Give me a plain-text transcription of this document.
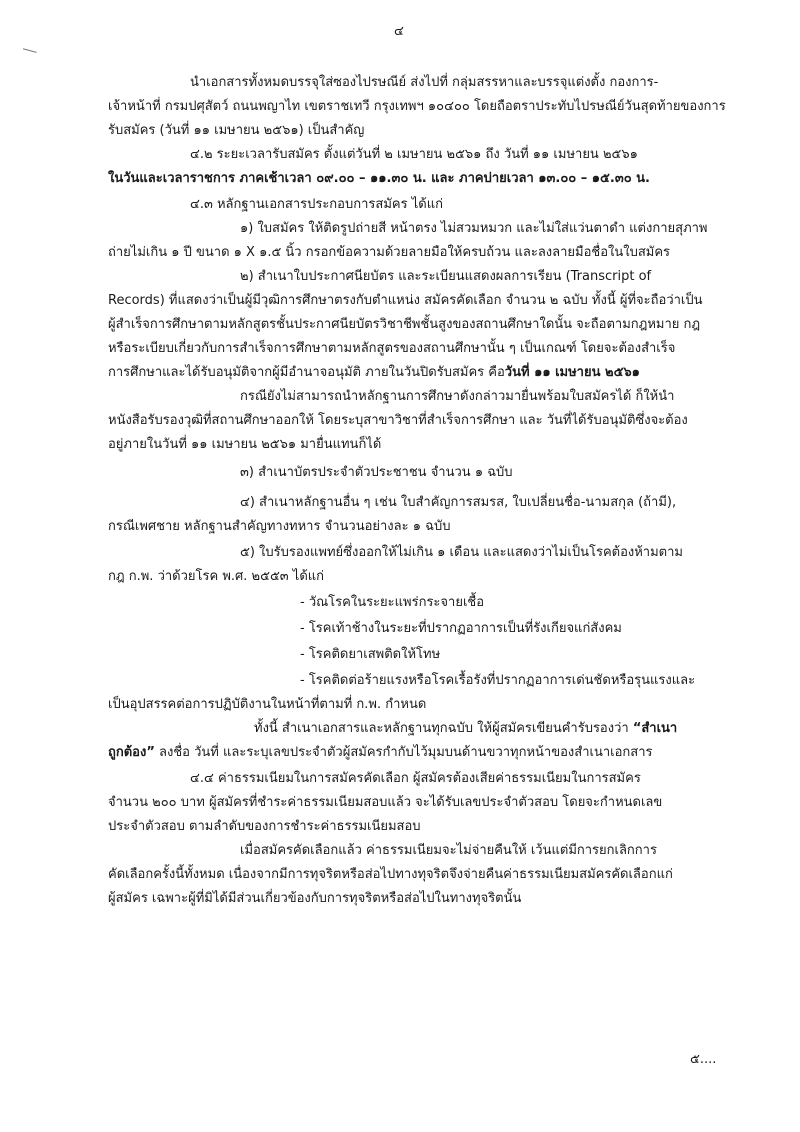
๔
นำเอกสารทั้งหมดบรรจุใส่ซองไปรษณีย์ ส่งไปที่ กลุ่มสรรหาและบรรจุแต่งตั้ง กองการ-
เจ้าหน้าที่ กรมปศุสัตว์ ถนนพญาไท เขตราชเทวี กรุงเทพฯ ๑๐๔๐๐ โดยถือตราประทับไปรษณีย์วันสุดท้ายของการ
รับสมัคร (วันที่ ๑๑ เมษายน ๒๕๖๑) เป็นสำคัญ
๔.๒ ระยะเวลารับสมัคร ตั้งแต่วันที่ ๒ เมษายน ๒๕๖๑ ถึง วันที่ ๑๑ เมษายน ๒๕๖๑
ในวันและเวลาราชการ ภาคเช้าเวลา ๐๙.๐๐ – ๑๑.๓๐ น. และ ภาคบ่ายเวลา ๑๓.๐๐ – ๑๕.๓๐ น.
๔.๓ หลักฐานเอกสารประกอบการสมัคร ได้แก่
๑) ใบสมัคร ให้ติดรูปถ่ายสี หน้าตรง ไม่สวมหมวก และไม่ใส่แว่นตาดำ แต่งกายสุภาพ
ถ่ายไม่เกิน ๑ ปี ขนาด ๑ X ๑.๕ นิ้ว กรอกข้อความด้วยลายมือให้ครบถ้วน และลงลายมือชื่อในใบสมัคร
๒) สำเนาใบประกาศนียบัตร และระเบียนแสดงผลการเรียน (Transcript of
Records) ที่แสดงว่าเป็นผู้มีวุฒิการศึกษาตรงกับตำแหน่ง สมัครคัดเลือก จำนวน ๒ ฉบับ ทั้งนี้ ผู้ที่จะถือว่าเป็น
ผู้สำเร็จการศึกษาตามหลักสูตรชั้นประกาศนียบัตรวิชาชีพชั้นสูงของสถานศึกษาใดนั้น จะถือตามกฎหมาย กฎ
หรือระเบียบเกี่ยวกับการสำเร็จการศึกษาตามหลักสูตรของสถานศึกษานั้น ๆ เป็นเกณฑ์ โดยจะต้องสำเร็จ
การศึกษาและได้รับอนุมัติจากผู้มีอำนาจอนุมัติ ภายในวันปิดรับสมัคร คือวันที่ ๑๑ เมษายน ๒๕๖๑
กรณียังไม่สามารถนำหลักฐานการศึกษาดังกล่าวมายื่นพร้อมใบสมัครได้ ก็ให้นำ
หนังสือรับรองวุฒิที่สถานศึกษาออกให้ โดยระบุสาขาวิชาที่สำเร็จการศึกษา และ วันที่ได้รับอนุมัติซึ่งจะต้อง
อยู่ภายในวันที่ ๑๑ เมษายน ๒๕๖๑ มายื่นแทนก็ได้
๓) สำเนาบัตรประจำตัวประชาชน จำนวน ๑ ฉบับ
๔) สำเนาหลักฐานอื่น ๆ เช่น ใบสำคัญการสมรส, ใบเปลี่ยนชื่อ-นามสกุล (ถ้ามี),
กรณีเพศชาย หลักฐานสำคัญทางทหาร จำนวนอย่างละ ๑ ฉบับ
๕) ใบรับรองแพทย์ซึ่งออกให้ไม่เกิน ๑ เดือน และแสดงว่าไม่เป็นโรคต้องห้ามตาม
กฎ ก.พ. ว่าด้วยโรค พ.ศ. ๒๕๕๓ ได้แก่
- วัณโรคในระยะแพร่กระจายเชื้อ
- โรคเท้าช้างในระยะที่ปรากฏอาการเป็นที่รังเกียจแก่สังคม
- โรคติดยาเสพติดให้โทษ
- โรคติดต่อร้ายแรงหรือโรคเรื้อรังที่ปรากฏอาการเด่นชัดหรือรุนแรงและ
เป็นอุปสรรคต่อการปฏิบัติงานในหน้าที่ตามที่ ก.พ. กำหนด
ทั้งนี้ สำเนาเอกสารและหลักฐานทุกฉบับ ให้ผู้สมัครเขียนคำรับรองว่า “สำเนา
ถูกต้อง” ลงชื่อ วันที่ และระบุเลขประจำตัวผู้สมัครกำกับไว้มุมบนด้านขวาทุกหน้าของสำเนาเอกสาร
๔.๔ ค่าธรรมเนียมในการสมัครคัดเลือก ผู้สมัครต้องเสียค่าธรรมเนียมในการสมัคร
จำนวน ๒๐๐ บาท ผู้สมัครที่ชำระค่าธรรมเนียมสอบแล้ว จะได้รับเลขประจำตัวสอบ โดยจะกำหนดเลข
ประจำตัวสอบ ตามลำดับของการชำระค่าธรรมเนียมสอบ
เมื่อสมัครคัดเลือกแล้ว ค่าธรรมเนียมจะไม่จ่ายคืนให้ เว้นแต่มีการยกเลิกการ
คัดเลือกครั้งนี้ทั้งหมด เนื่องจากมีการทุจริตหรือส่อไปทางทุจริตจึงจ่ายคืนค่าธรรมเนียมสมัครคัดเลือกแก่
ผู้สมัคร เฉพาะผู้ที่มิได้มีส่วนเกี่ยวข้องกับการทุจริตหรือส่อไปในทางทุจริตนั้น
๕....
